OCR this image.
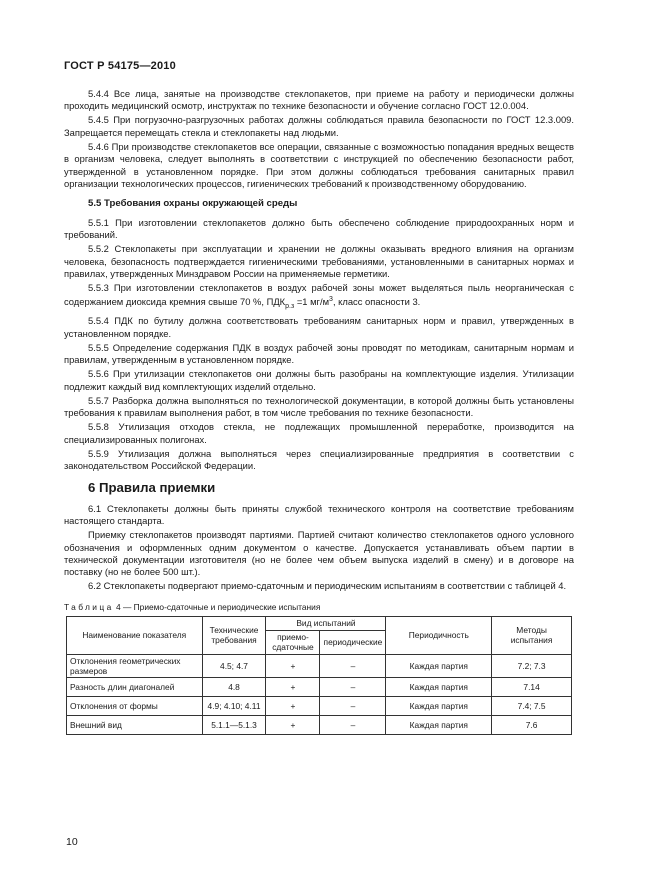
ГОСТ Р 54175—2010

5.4.4 Все лица, занятые на производстве стеклопакетов, при приеме на работу и периодически должны проходить медицинский осмотр, инструктаж по технике безопасности и обучение согласно ГОСТ 12.0.004.

5.4.5 При погрузочно-разгрузочных работах должны соблюдаться правила безопасности по ГОСТ 12.3.009. Запрещается перемещать стекла и стеклопакеты над людьми.

5.4.6 При производстве стеклопакетов все операции, связанные с возможностью попадания вредных веществ в организм человека, следует выполнять в соответствии с инструкцией по обеспечению безопасности работ, утвержденной в установленном порядке. При этом должны соблюдаться требования санитарных правил организации технологических процессов, гигиенических требований к производственному оборудованию.

5.5 Требования охраны окружающей среды

5.5.1 При изготовлении стеклопакетов должно быть обеспечено соблюдение природоохранных норм и требований.

5.5.2 Стеклопакеты при эксплуатации и хранении не должны оказывать вредного влияния на организм человека, безопасность подтверждается гигиеническими требованиями, установленными в санитарных нормах и правилах, утвержденных Минздравом России на применяемые герметики.

5.5.3 При изготовлении стеклопакетов в воздух рабочей зоны может выделяться пыль неорганическая с содержанием диоксида кремния свыше 70 %, $ПДК_{р.з} =1$ $мг/м^3$, класс опасности 3.

5.5.4 ПДК по бутилу должна соответствовать требованиям санитарных норм и правил, утвержденных в установленном порядке.

5.5.5 Определение содержания ПДК в воздух рабочей зоны проводят по методикам, санитарным нормам и правилам, утвержденным в установленном порядке.

5.5.6 При утилизации стеклопакетов они должны быть разобраны на комплектующие изделия. Утилизации подлежит каждый вид комплектующих изделий отдельно.

5.5.7 Разборка должна выполняться по технологической документации, в которой должны быть установлены требования к правилам выполнения работ, в том числе требования по технике безопасности.

5.5.8 Утилизация отходов стекла, не подлежащих промышленной переработке, производится на специализированных полигонах.

5.5.9 Утилизация должна выполняться через специализированные предприятия в соответствии с законодательством Российской Федерации.

6 Правила приемки

6.1 Стеклопакеты должны быть приняты службой технического контроля на соответствие требованиям настоящего стандарта.

Приемку стеклопакетов производят партиями. Партией считают количество стеклопакетов одного условного обозначения и оформленных одним документом о качестве. Допускается устанавливать объем партии в технической документации изготовителя (но не более чем объем выпуска изделий в смену) и в договоре на поставку (но не более 500 шт.).

6.2 Стеклопакеты подвергают приемо-сдаточным и периодическим испытаниям в соответствии с таблицей 4.

Таблица 4 — Приемо-сдаточные и периодические испытания
Наименование показателя	Технические требования	Вид испытаний		Периодичность	Методы испытания
		приемо-сдаточные	периодические		
Отклонения геометрических размеров	4.5; 4.7	+	–	Каждая партия	7.2; 7.3
Разность длин диагоналей	4.8	+	–	Каждая партия	7.14
Отклонения от формы	4.9; 4.10; 4.11	+	–	Каждая партия	7.4; 7.5
Внешний вид	5.1.1—5.1.3	+	–	Каждая партия	7.6
10
